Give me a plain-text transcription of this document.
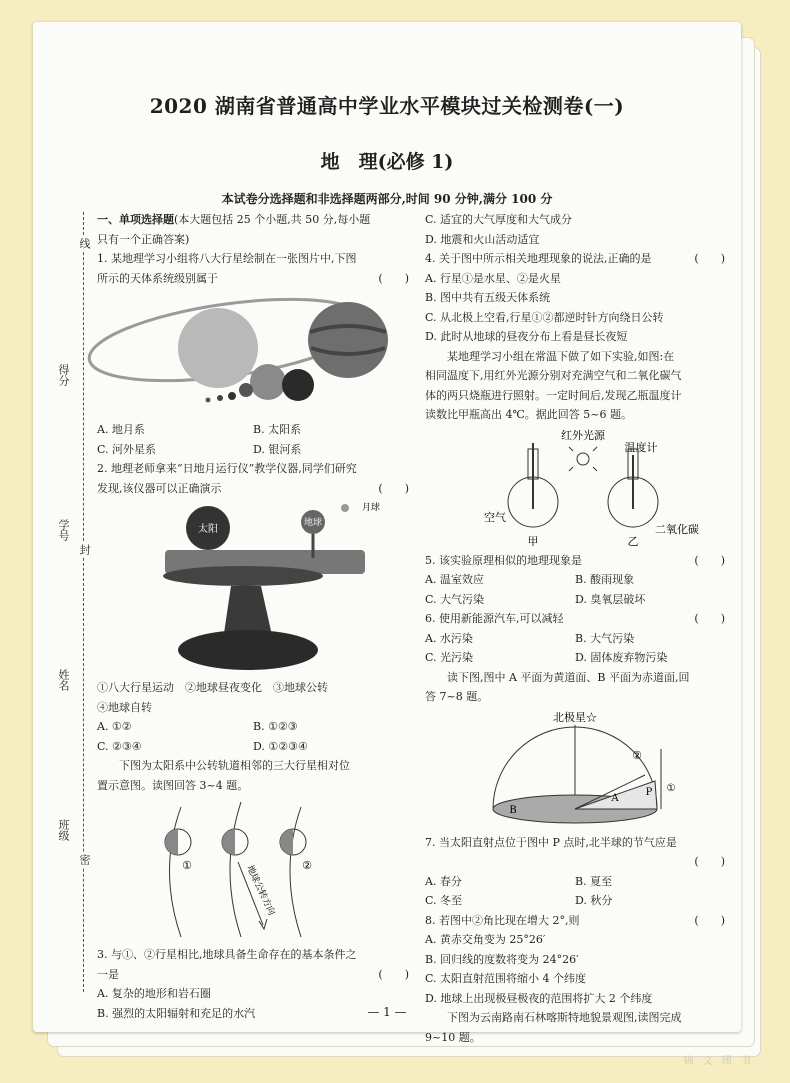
2020 湖南省普通高中学业水平模块过关检测卷(一)
地　理(必修 1)
本试卷分选择题和非选择题两部分,时间 90 分钟,满分 100 分
线
得分
封
学号
姓名
班级
密
一、单项选择题(本大题包括 25 个小题,共 50 分,每小题
只有一个正确答案)
1. 某地理学习小组将八大行星绘制在一张图片中,下图
所示的天体系统级别属于	(　　)
A. 地月系	B. 太阳系
C. 河外星系	D. 银河系
2. 地理老师拿来“日地月运行仪”教学仪器,同学们研究
发现,该仪器可以正确演示	(　　)
太阳
地球
月球
①八大行星运动　②地球昼夜变化　③地球公转
④地球自转
A. ①②	B. ①②③
C. ②③④	D. ①②③④
下图为太阳系中公转轨道相邻的三大行星相对位
置示意图。读图回答 3~4 题。
①	②
地球公转方向
3. 与①、②行星相比,地球具备生命存在的基本条件之
一是	(　　)
A. 复杂的地形和岩石圈
B. 强烈的太阳辐射和充足的水汽
C. 适宜的大气厚度和大气成分
D. 地震和火山活动适宜
4. 关于图中所示相关地理现象的说法,正确的是	(　　)
A. 行星①是水星、②是火星
B. 图中共有五级天体系统
C. 从北极上空看,行星①②都逆时针方向绕日公转
D. 此时从地球的昼夜分布上看是昼长夜短
某地理学习小组在常温下做了如下实验,如图:在
相同温度下,用红外光源分别对充满空气和二氧化碳气
体的两只烧瓶进行照射。一定时间后,发现乙瓶温度计
读数比甲瓶高出 4℃。据此回答 5~6 题。
红外光源
温度计
空气
二氧化碳
甲	乙
5. 该实验原理相似的地理现象是	(　　)
A. 温室效应	B. 酸雨现象
C. 大气污染	D. 臭氧层破坏
6. 使用新能源汽车,可以减轻	(　　)
A. 水污染	B. 大气污染
C. 光污染	D. 固体废弃物污染
读下图,图中 A 平面为黄道面、B 平面为赤道面,回
答 7~8 题。
北极星☆
A
B
P ①
②
7. 当太阳直射点位于图中 P 点时,北半球的节气应是
(　　)
A. 春分	B. 夏至
C. 冬至	D. 秋分
8. 若图中②角比现在增大 2°,则	(　　)
A. 黄赤交角变为 25°26′
B. 回归线的度数将变为 24°26′
C. 太阳直射范围将缩小 4 个纬度
D. 地球上出现极昼极夜的范围将扩大 2 个纬度
下图为云南路南石林喀斯特地貌景观图,读图完成
9~10 题。
— 1 —
锦 文 图 书
